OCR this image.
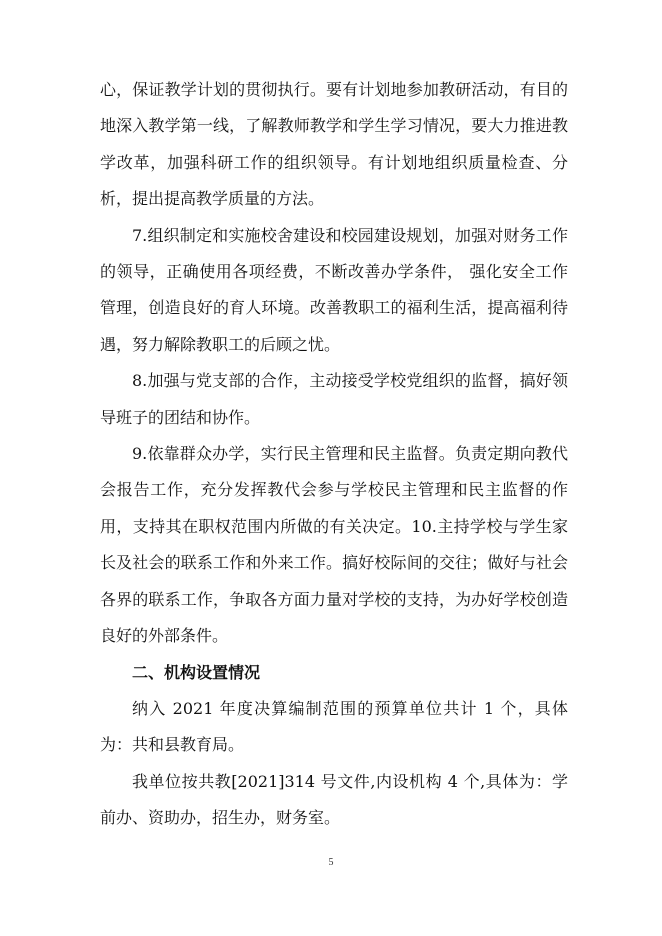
心，保证教学计划的贯彻执行。要有计划地参加教研活动，有目的地深入教学第一线，了解教师教学和学生学习情况，要大力推进教学改革，加强科研工作的组织领导。有计划地组织质量检查、分析，提出提高教学质量的方法。

7.组织制定和实施校舍建设和校园建设规划，加强对财务工作的领导，正确使用各项经费，不断改善办学条件， 强化安全工作管理，创造良好的育人环境。改善教职工的福利生活，提高福利待遇，努力解除教职工的后顾之忧。

8.加强与党支部的合作，主动接受学校党组织的监督，搞好领导班子的团结和协作。

9.依靠群众办学，实行民主管理和民主监督。负责定期向教代会报告工作，充分发挥教代会参与学校民主管理和民主监督的作用，支持其在职权范围内所做的有关决定。10.主持学校与学生家长及社会的联系工作和外来工作。搞好校际间的交往；做好与社会各界的联系工作，争取各方面力量对学校的支持，为办好学校创造良好的外部条件。

二、机构设置情况

纳入 2021 年度决算编制范围的预算单位共计 1 个，具体为：共和县教育局。

我单位按共教[2021]314 号文件,内设机构 4 个,具体为：学前办、资助办，招生办，财务室。

5
